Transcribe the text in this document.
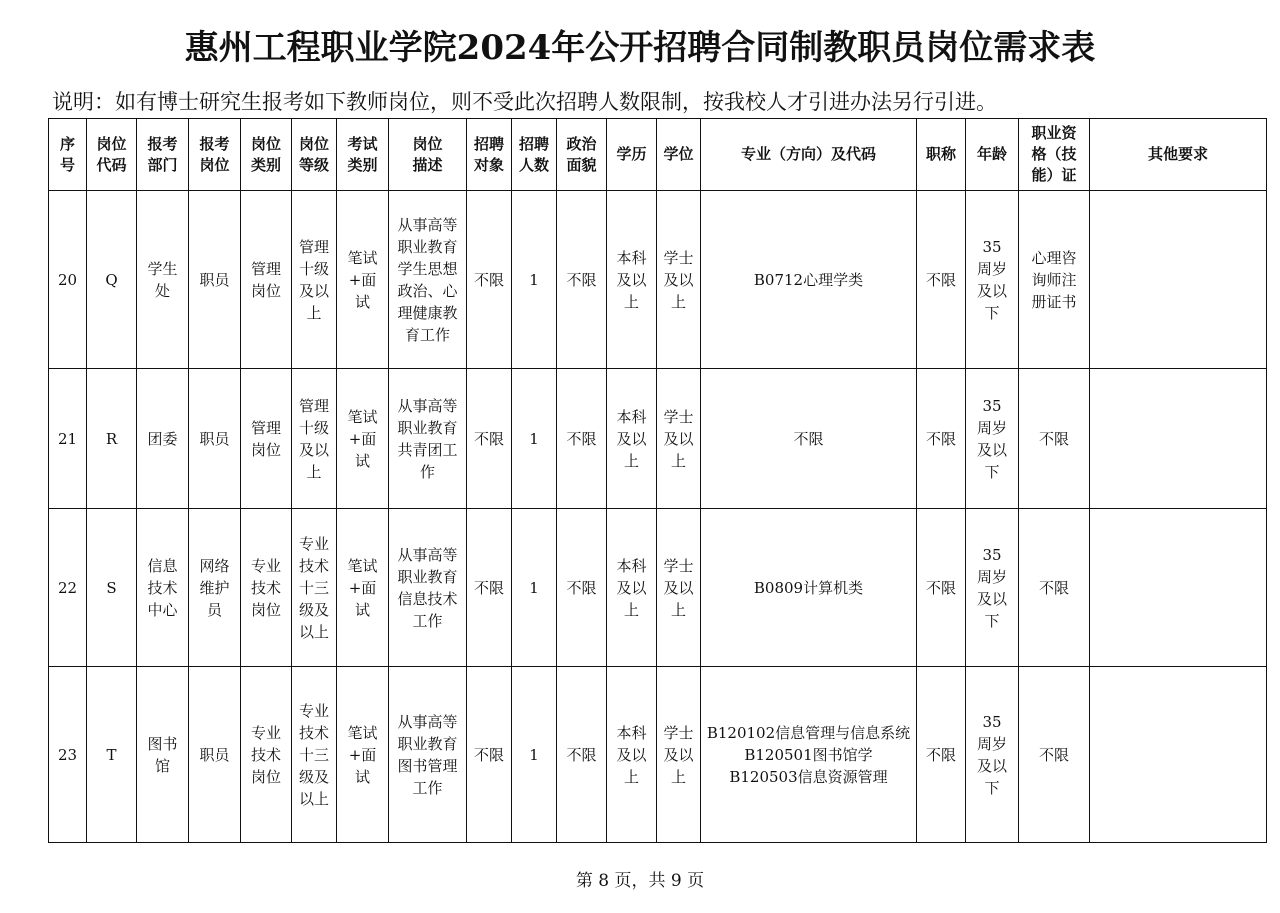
惠州工程职业学院2024年公开招聘合同制教职员岗位需求表
说明：如有博士研究生报考如下教师岗位，则不受此次招聘人数限制，按我校人才引进办法另行引进。
序号	岗位代码	报考部门	报考岗位	岗位类别	岗位等级	考试类别	岗位描述	招聘对象	招聘人数	政治面貌	学历	学位	专业（方向）及代码	职称	年龄	职业资格（技能）证	其他要求
20	Q	学生处	职员	管理岗位	管理十级及以上	笔试+面试	从事高等职业教育学生思想政治、心理健康教育工作	不限	1	不限	本科及以上	学士及以上	B0712心理学类	不限	35周岁及以下	心理咨询师注册证书	

21	R	团委	职员	管理岗位	管理十级及以上	笔试+面试	从事高等职业教育共青团工作	不限	1	不限	本科及以上	学士及以上	不限	不限	35周岁及以下	不限	

22	S	信息技术中心	网络维护员	专业技术岗位	专业技术十三级及以上	笔试+面试	从事高等职业教育信息技术工作	不限	1	不限	本科及以上	学士及以上	B0809计算机类	不限	35周岁及以下	不限	

23	T	图书馆	职员	专业技术岗位	专业技术十三级及以上	笔试+面试	从事高等职业教育图书管理工作	不限	1	不限	本科及以上	学士及以上	B120102信息管理与信息系统
B120501图书馆学
B120503信息资源管理	不限	35周岁及以下	不限	

第 8 页，共 9 页
